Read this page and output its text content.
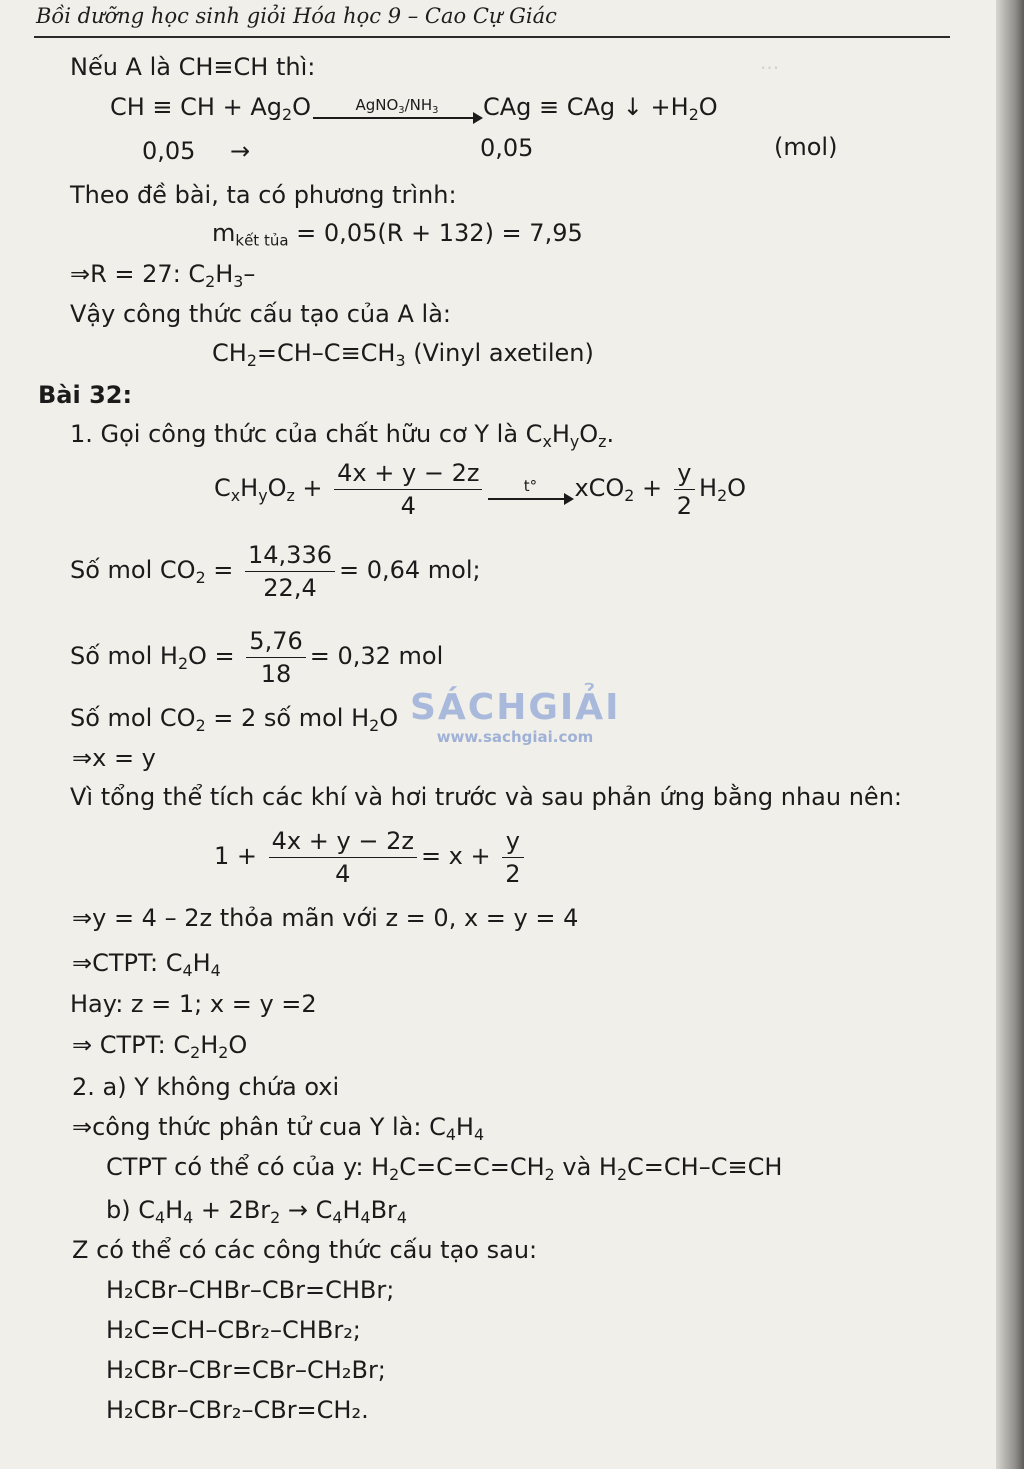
Bồi dưỡng học sinh giỏi Hóa học 9 – Cao Cự Giác
...
Nếu A là CH≡CH thì:
CH ≡ CH + $Ag_2O$	$AgNO_3/NH_3$	CAg ≡ CAg ↓ $+H_2O$
0,05 →	0,05	(mol)
Theo đề bài, ta có phương trình:
$m_{kết tủa} = 0,05(R + 132) = 7,95$
⇒R = 27: $C_2H_3-$
Vậy công thức cấu tạo của A là:
$CH_2=CH-C\equiv CH_3$ (Vinyl axetilen)
Bài 32:
1. Gọi công thức của chất hữu cơ Y là $C_xH_yO_z$.
$C_xH_yO_z + \frac{4x + y - 2z}{4}$	t°	$xCO_2 + \frac{y}{2} H_2O$
Số mol $CO_2 = \frac{14,336}{22,4} = 0,64$ mol;
Số mol $H_2O = \frac{5,76}{18} = 0,32$ mol
Số mol $CO_2 = 2$ số mol $H_2O$ SÁCHGIẢI
www.sachgiai.com
⇒x = y
Vì tổng thể tích các khí và hơi trước và sau phản ứng bằng nhau nên:
$1 + \frac{4x + y - 2z}{4} = x + \frac{y}{2}$
⇒y = 4 – 2z thỏa mãn với z = 0, x = y = 4
⇒CTPT: $C_4H_4$
Hay: z = 1; x = y =2
⇒ CTPT: $C_2H_2O$
2. a) Y không chứa oxi
⇒công thức phân tử cua Y là: $C_4H_4$
CTPT có thể có của y: $H_2C=C=C=CH_2$ và $H_2C=CH-C\equiv CH$
b) $C_4H_4 + 2Br_2 \to C_4H_4Br_4$
Z có thể có các công thức cấu tạo sau:
H₂CBr–CHBr–CBr=CHBr;
H₂C=CH–CBr₂–CHBr₂;
H₂CBr–CBr=CBr–CH₂Br;
H₂CBr–CBr₂–CBr=CH₂.
